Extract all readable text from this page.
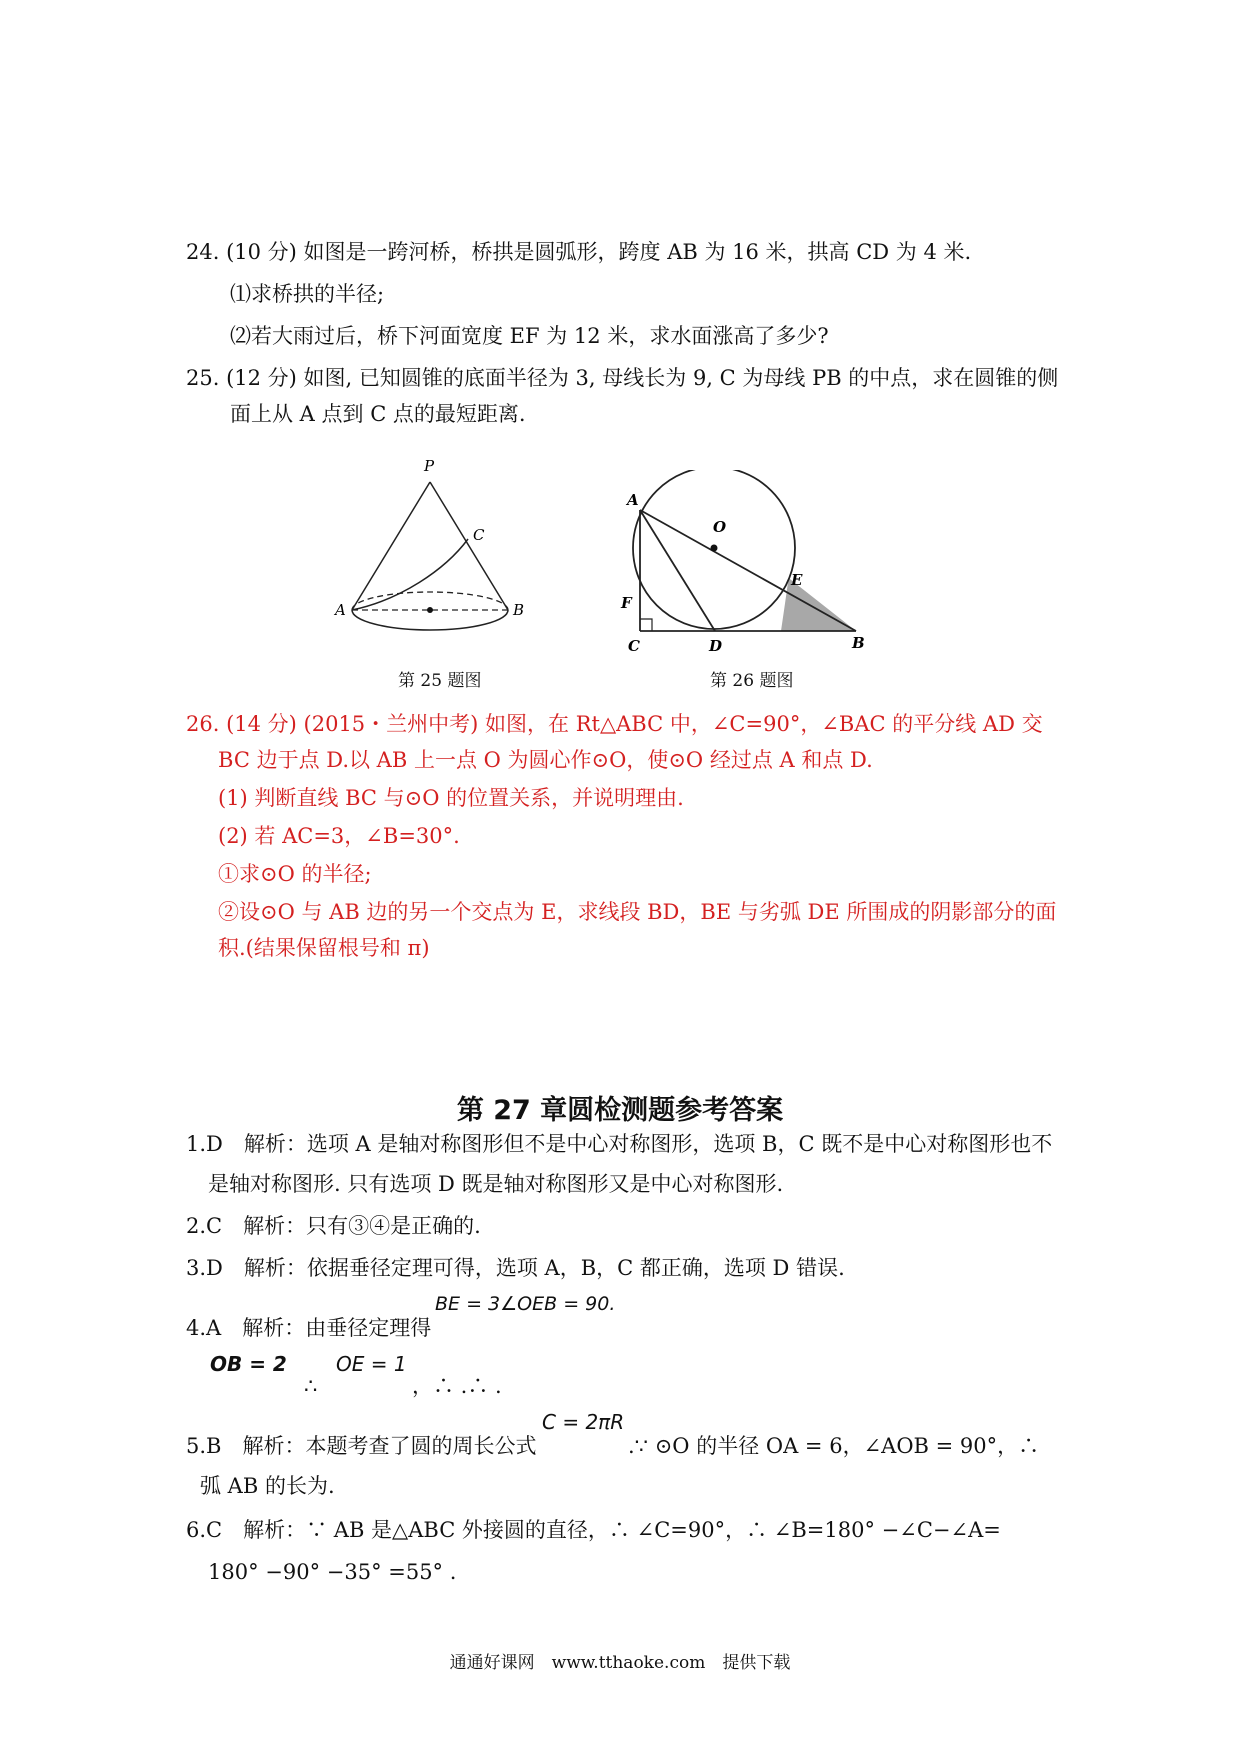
24. (10 分) 如图是一跨河桥，桥拱是圆弧形，跨度 AB 为 16 米，拱高 CD 为 4 米.
⑴求桥拱的半径;
⑵若大雨过后，桥下河面宽度 EF 为 12 米，求水面涨高了多少?
25. (12 分) 如图, 已知圆锥的底面半径为 3, 母线长为 9, C 为母线 PB 的中点，求在圆锥的侧
面上从 A 点到 C 点的最短距离.
P
C
A	B
第 25 题图
A
O
E
F
C	D	B
第 26 题图
26. (14 分) (2015・兰州中考) 如图，在 Rt△ABC 中，∠C=90°，∠BAC 的平分线 AD 交
BC 边于点 D.以 AB 上一点 O 为圆心作⊙O，使⊙O 经过点 A 和点 D.
(1) 判断直线 BC 与⊙O 的位置关系，并说明理由.
(2) 若 AC=3，∠B=30°.
①求⊙O 的半径;
②设⊙O 与 AB 边的另一个交点为 E，求线段 BD，BE 与劣弧 DE 所围成的阴影部分的面
积.(结果保留根号和 π)
第 27 章圆检测题参考答案
1.D　解析：选项 A 是轴对称图形但不是中心对称图形，选项 B，C 既不是中心对称图形也不
是轴对称图形. 只有选项 D 既是轴对称图形又是中心对称图形.
2.C　解析：只有③④是正确的.
3.D　解析：依据垂径定理可得，选项 A，B，C 都正确，选项 D 错误.
BE = 3∠OEB = 90.
4.A　解析：由垂径定理得
OB = 2 OE = 1
∴	，∴ .∴ .
C = 2πR
5.B　解析：本题考查了圆的周长公式	.∵ ⊙O 的半径 OA = 6，∠AOB = 90°，∴
弧 AB 的长为.
6.C　解析：∵ AB 是△ABC 外接圆的直径，∴ ∠C=90°，∴ ∠B=180° −∠C−∠A=
180° −90° −35° =55° .
通通好课网　www.tthaoke.com　提供下载
